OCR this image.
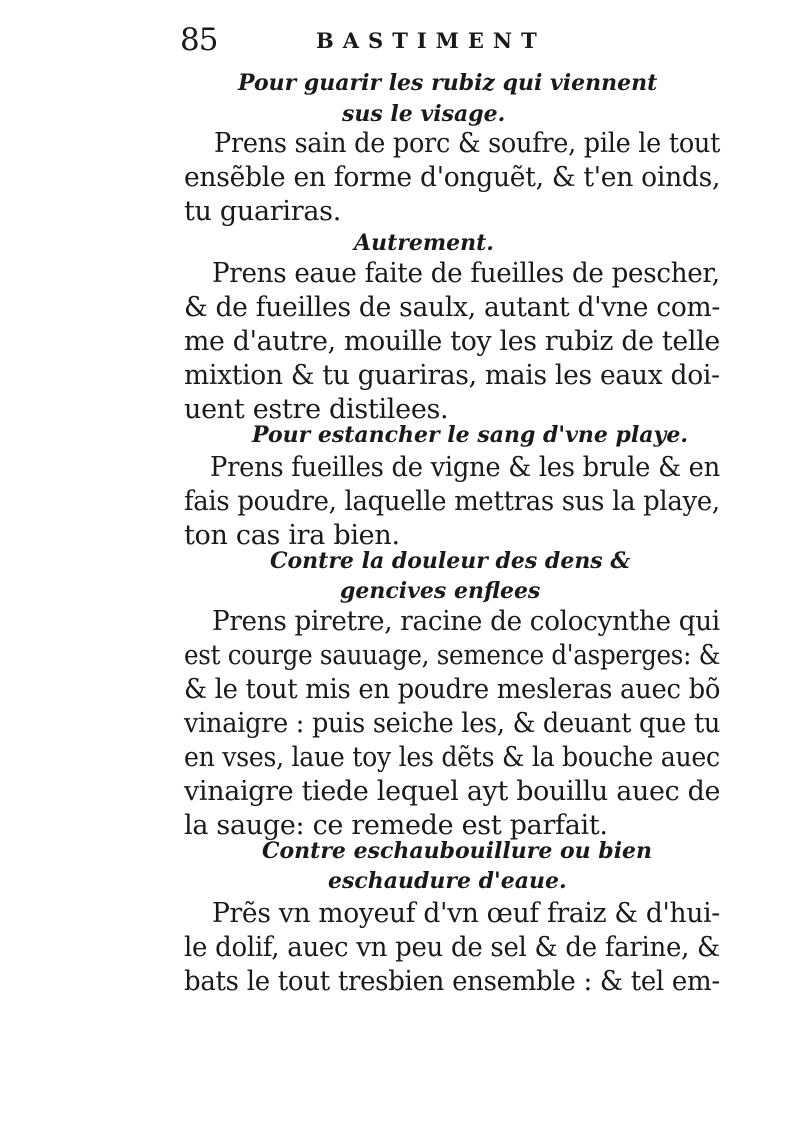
85	BASTIMENT
Pour guarir les rubiz qui viennent
sus le visage.
Prens sain de porc & soufre, pile le tout
ensẽble en forme d'onguẽt, & t'en oinds,
tu guariras.
Autrement.
Prens eaue faite de fueilles de pescher,
& de fueilles de saulx, autant d'vne com-
me d'autre, mouille toy les rubiz de telle
mixtion & tu guariras, mais les eaux doi-
uent estre distilees.
Pour estancher le sang d'vne playe.
Prens fueilles de vigne & les brule & en
fais poudre, laquelle mettras sus la playe,
ton cas ira bien.
Contre la douleur des dens &
gencives enflees
Prens piretre, racine de colocynthe qui
est courge sauuage, semence d'asperges: &
& le tout mis en poudre mesleras auec bõ
vinaigre : puis seiche les, & deuant que tu
en vses, laue toy les dẽts & la bouche auec
vinaigre tiede lequel ayt bouillu auec de
la sauge: ce remede est parfait.
Contre eschaubouillure ou bien
eschaudure d'eaue.
Prẽs vn moyeuf d'vn œuf fraiz & d'hui-
le dolif, auec vn peu de sel & de farine, &
bats le tout tresbien ensemble : & tel em-
